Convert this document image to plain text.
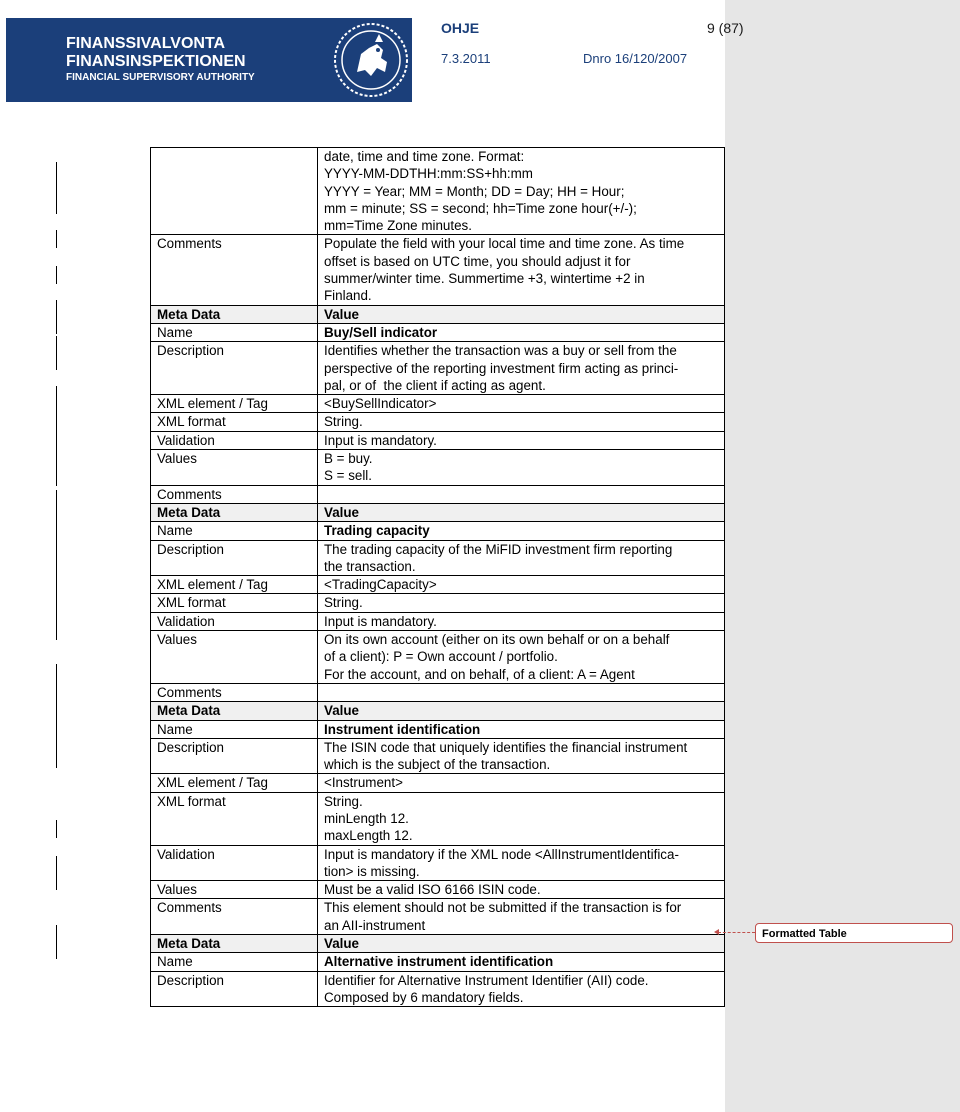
FINANSSIVALVONTA
FINANSINSPEKTIONEN
FINANCIAL SUPERVISORY AUTHORITY
OHJE	9 (87)
7.3.2011	Dnro 16/120/2007

	date, time and time zone. Format:
YYYY-MM-DDTHH:mm:SS+hh:mm
YYYY = Year; MM = Month; DD = Day; HH = Hour;
mm = minute; SS = second; hh=Time zone hour(+/-);
mm=Time Zone minutes.

Comments	Populate the field with your local time and time zone. As time
offset is based on UTC time, you should adjust it for
summer/winter time. Summertime +3, wintertime +2 in
Finland.

Meta Data	Value

Name	Buy/Sell indicator

Description	Identifies whether the transaction was a buy or sell from the
perspective of the reporting investment firm acting as princi-
pal, or of  the client if acting as agent.

XML element / Tag	<BuySellIndicator>

XML format	String.

Validation	Input is mandatory.

Values	B = buy.
S = sell.

Comments	

Meta Data	Value

Name	Trading capacity

Description	The trading capacity of the MiFID investment firm reporting
the transaction.

XML element / Tag	<TradingCapacity>

XML format	String.

Validation	Input is mandatory.

Values	On its own account (either on its own behalf or on a behalf
of a client): P = Own account / portfolio.
For the account, and on behalf, of a client: A = Agent

Comments	

Meta Data	Value

Name	Instrument identification

Description	The ISIN code that uniquely identifies the financial instrument
which is the subject of the transaction.

XML element / Tag	<Instrument>

XML format	String.
minLength 12.
maxLength 12.

Validation	Input is mandatory if the XML node <AllInstrumentIdentifica-
tion> is missing.

Values	Must be a valid ISO 6166 ISIN code.

Comments	This element should not be submitted if the transaction is for
an AII-instrument

Meta Data	Value

Name	Alternative instrument identification

Description	Identifier for Alternative Instrument Identifier (AII) code.
Composed by 6 mandatory fields.
Formatted Table
